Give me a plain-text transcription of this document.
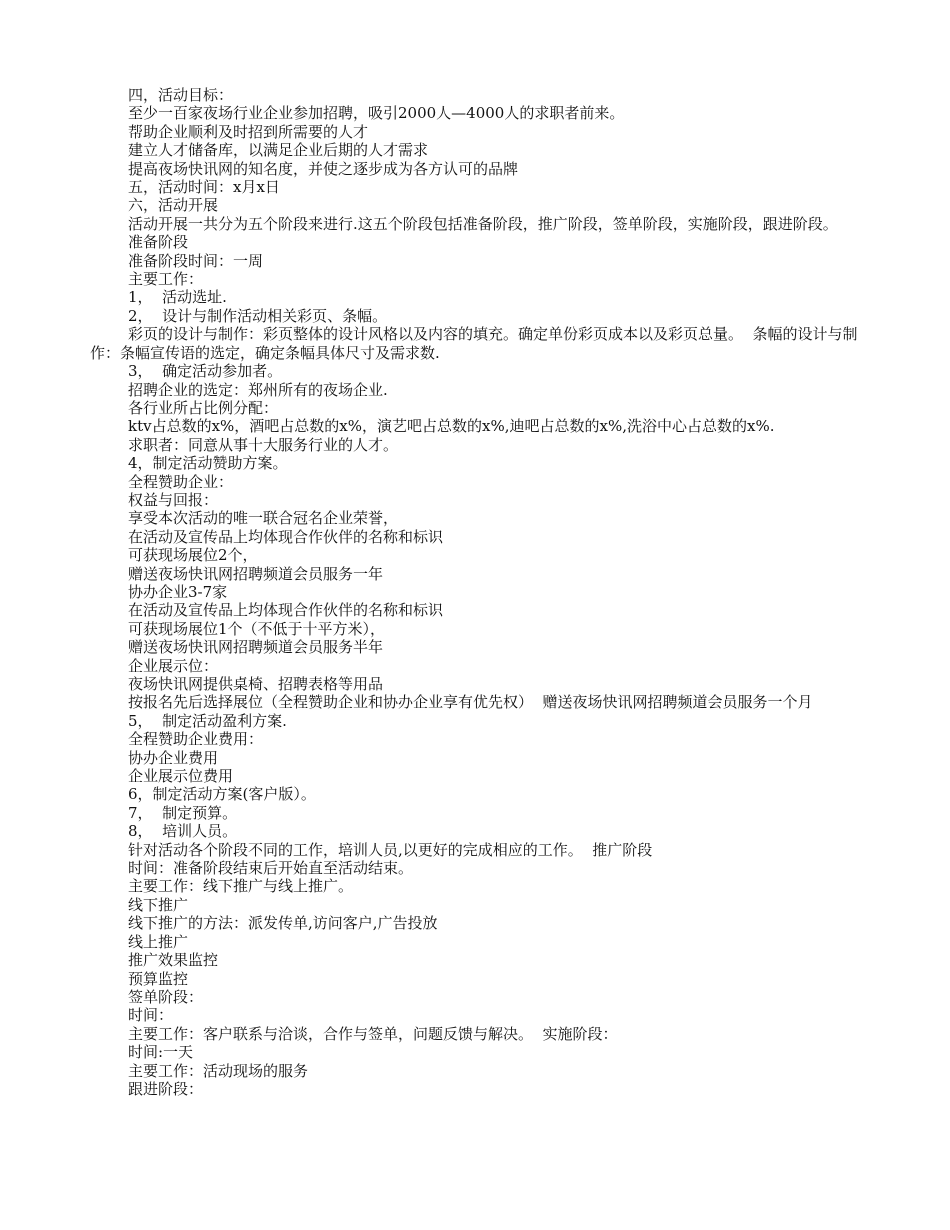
四，活动目标：

至少一百家夜场行业企业参加招聘，吸引2000人—4000人的求职者前来。

帮助企业顺利及时招到所需要的人才

建立人才储备库，以满足企业后期的人才需求

提高夜场快讯网的知名度，并使之逐步成为各方认可的品牌

五，活动时间：x月x日

六，活动开展

活动开展一共分为五个阶段来进行.这五个阶段包括准备阶段，推广阶段，签单阶段，实施阶段，跟进阶段。

准备阶段

准备阶段时间：一周

主要工作：

1，  活动选址.

2，  设计与制作活动相关彩页、条幅。

彩页的设计与制作：彩页整体的设计风格以及内容的填充。确定单份彩页成本以及彩页总量。  条幅的设计与制作：条幅宣传语的选定，确定条幅具体尺寸及需求数.

3，  确定活动参加者。

招聘企业的选定：郑州所有的夜场企业.

各行业所占比例分配：

ktv占总数的x%，酒吧占总数的x%，演艺吧占总数的x%,迪吧占总数的x%,洗浴中心占总数的x%.

求职者：同意从事十大服务行业的人才。

4，制定活动赞助方案。

全程赞助企业：

权益与回报：

享受本次活动的唯一联合冠名企业荣誉，

在活动及宣传品上均体现合作伙伴的名称和标识

可获现场展位2个，

赠送夜场快讯网招聘频道会员服务一年

协办企业3-7家

在活动及宣传品上均体现合作伙伴的名称和标识

可获现场展位1个（不低于十平方米），

赠送夜场快讯网招聘频道会员服务半年

企业展示位：

夜场快讯网提供桌椅、招聘表格等用品

按报名先后选择展位（全程赞助企业和协办企业享有优先权）  赠送夜场快讯网招聘频道会员服务一个月

5，  制定活动盈利方案.

全程赞助企业费用：

协办企业费用

企业展示位费用

6，制定活动方案(客户版）。

7，  制定预算。

8，  培训人员。

针对活动各个阶段不同的工作，培训人员,以更好的完成相应的工作。  推广阶段

时间：准备阶段结束后开始直至活动结束。

主要工作：线下推广与线上推广。

线下推广

线下推广的方法：派发传单,访问客户,广告投放

线上推广

推广效果监控

预算监控

签单阶段：

时间：

主要工作：客户联系与洽谈，合作与签单，问题反馈与解决。  实施阶段：

时间:一天

主要工作：活动现场的服务

跟进阶段：
